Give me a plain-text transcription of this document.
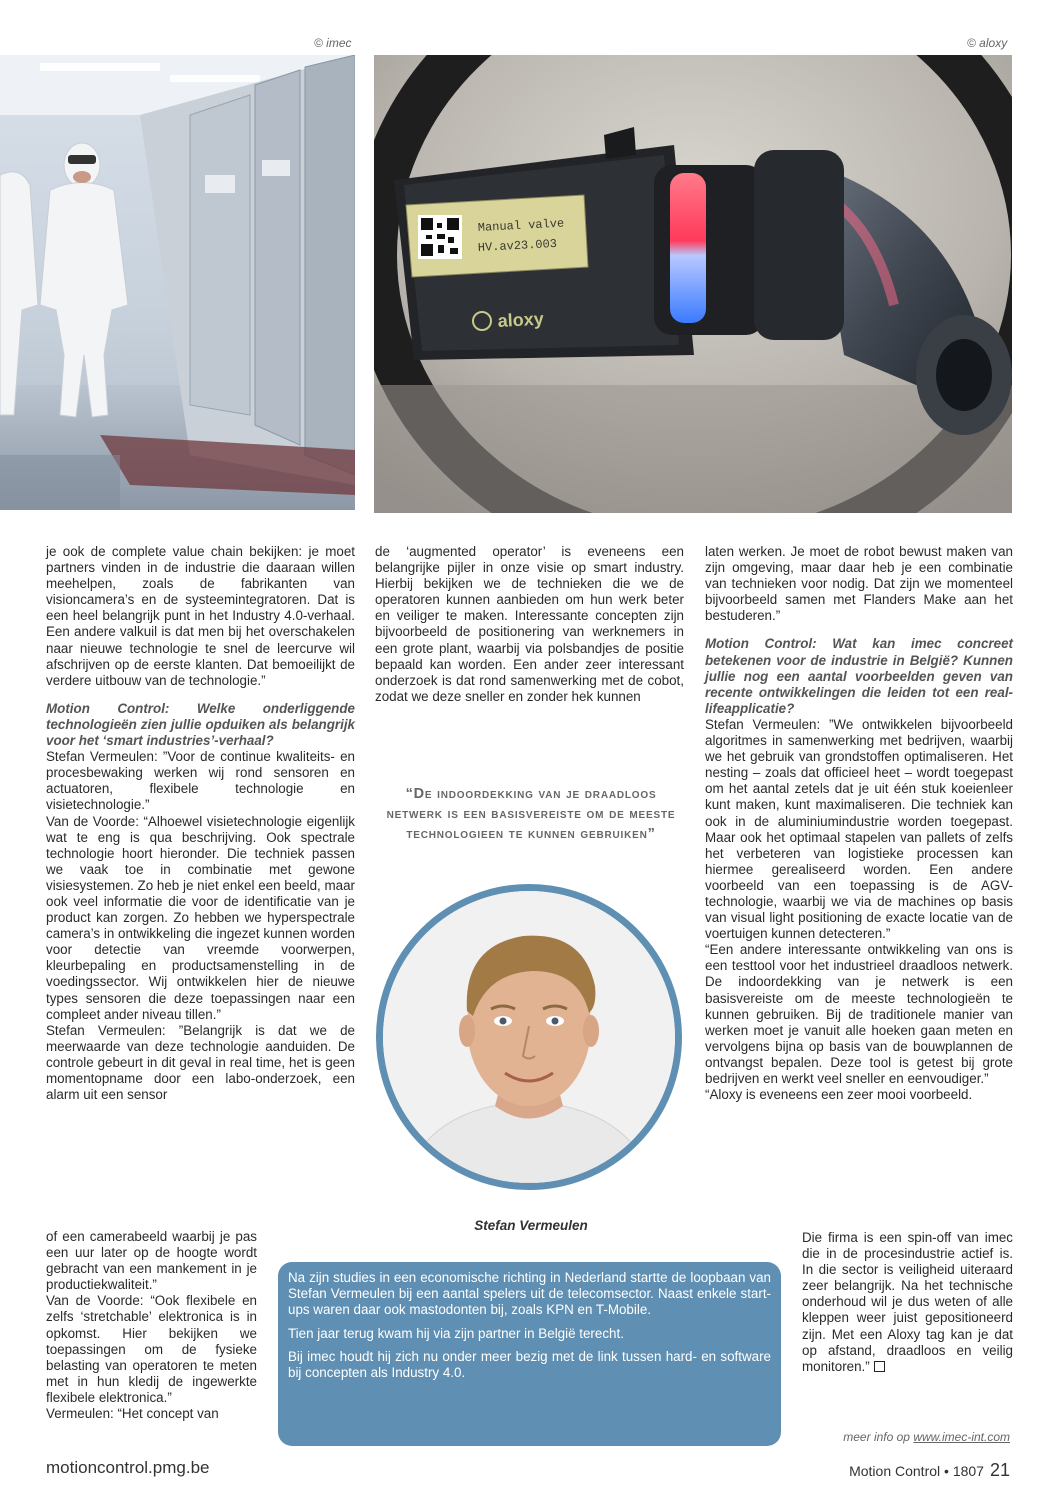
© imec	© aloxy
Manual valve
HV.av23.003
aloxy

je ook de complete value chain bekijken: je moet partners vinden in de industrie die daaraan willen meehelpen, zoals de fabrikanten van visioncamera’s en de systeemintegratoren. Dat is een heel belangrijk punt in het Industry 4.0-verhaal. Een andere valkuil is dat men bij het overschakelen naar nieuwe technologie te snel de leercurve wil afschrijven op de eerste klanten. Dat bemoeilijkt de verdere uitbouw van de technologie.”

Motion Control: Welke onderliggende technologieën zien jullie opduiken als belangrijk voor het ‘smart industries’-verhaal?

Stefan Vermeulen: ”Voor de continue kwaliteits- en procesbewaking werken wij rond sensoren en actuatoren, flexibele technologie en visietechnologie.”

Van de Voorde: “Alhoewel visietechnologie eigenlijk wat te eng is qua beschrijving. Ook spectrale technologie hoort hieronder. Die techniek passen we vaak toe in combinatie met gewone visiesystemen. Zo heb je niet enkel een beeld, maar ook veel informatie die voor de identificatie van je product kan zorgen. Zo hebben we hyperspectrale camera’s in ontwikkeling die ingezet kunnen worden voor detectie van vreemde voorwerpen, kleurbepaling en productsamenstelling in de voedingssector. Wij ontwikkelen hier de nieuwe types sensoren die deze toepassingen naar een compleet ander niveau tillen.”

Stefan Vermeulen: ”Belangrijk is dat we de meerwaarde van deze technologie aanduiden. De controle gebeurt in dit geval in real time, het is geen momentopname door een labo-onderzoek, een alarm uit een sensor

of een camerabeeld waarbij je pas een uur later op de hoogte wordt gebracht van een mankement in je productiekwaliteit.”

Van de Voorde: “Ook flexibele en zelfs ‘stretchable’ elektronica is in opkomst. Hier bekijken we toepassingen om de fysieke belasting van operatoren te meten met in hun kledij de ingewerkte flexibele elektronica.”

Vermeulen: “Het concept van

de ‘augmented operator’ is eveneens een belangrijke pijler in onze visie op smart industry. Hierbij bekijken we de technieken die we de operatoren kunnen aanbieden om hun werk beter en veiliger te maken. Interessante concepten zijn bijvoorbeeld de positionering van werknemers in een grote plant, waarbij via polsbandjes de positie bepaald kan worden. Een ander zeer interessant onderzoek is dat rond samenwerking met de cobot, zodat we deze sneller en zonder hek kunnen

“De indoordekking van je draadloos netwerk is een basisvereiste om de meeste technologieen te kunnen gebruiken”
Stefan Vermeulen

laten werken. Je moet de robot bewust maken van zijn omgeving, maar daar heb je een combinatie van technieken voor nodig. Dat zijn we momenteel bijvoorbeeld samen met Flanders Make aan het bestuderen.”

Motion Control: Wat kan imec concreet betekenen voor de industrie in België? Kunnen jullie nog een aantal voorbeelden geven van recente ontwikkelingen die leiden tot een real-lifeapplicatie?

Stefan Vermeulen: ”We ontwikkelen bijvoorbeeld algoritmes in samenwerking met bedrijven, waarbij we het gebruik van grondstoffen optimaliseren. Het nesting – zoals dat officieel heet – wordt toegepast om het aantal zetels dat je uit één stuk koeienleer kunt maken, kunt maximaliseren. Die techniek kan ook in de aluminiumindustrie worden toegepast. Maar ook het optimaal stapelen van pallets of zelfs het verbeteren van logistieke processen kan hiermee gerealiseerd worden. Een andere voorbeeld van een toepassing is de AGV-technologie, waarbij we via de machines op basis van visual light positioning de exacte locatie van de voertuigen kunnen detecteren.”

“Een andere interessante ontwikkeling van ons is een testtool voor het industrieel draadloos netwerk. De indoordekking van je netwerk is een basisvereiste om de meeste technologieën te kunnen gebruiken. Bij de traditionele manier van werken moet je vanuit alle hoeken gaan meten en vervolgens bijna op basis van de bouwplannen de ontvangst bepalen. Deze tool is getest bij grote bedrijven en werkt veel sneller en eenvoudiger.”

“Aloxy is eveneens een zeer mooi voorbeeld.

Die firma is een spin-off van imec die in de procesindustrie actief is. In die sector is veiligheid uiteraard zeer belangrijk. Na het technische onderhoud wil je dus weten of alle kleppen weer juist gepositioneerd zijn. Met een Aloxy tag kan je dat op afstand, draadloos en veilig monitoren.”

Na zijn studies in een economische richting in Nederland startte de loopbaan van Stefan Vermeulen bij een aantal spelers uit de telecomsector. Naast enkele start-ups waren daar ook mastodonten bij, zoals KPN en T-Mobile.

Tien jaar terug kwam hij via zijn partner in België terecht.

Bij imec houdt hij zich nu onder meer bezig met de link tussen hard- en software bij concepten als Industry 4.0.

meer info op www.imec-int.com
motioncontrol.pmg.be	Motion Control • 1807 21
